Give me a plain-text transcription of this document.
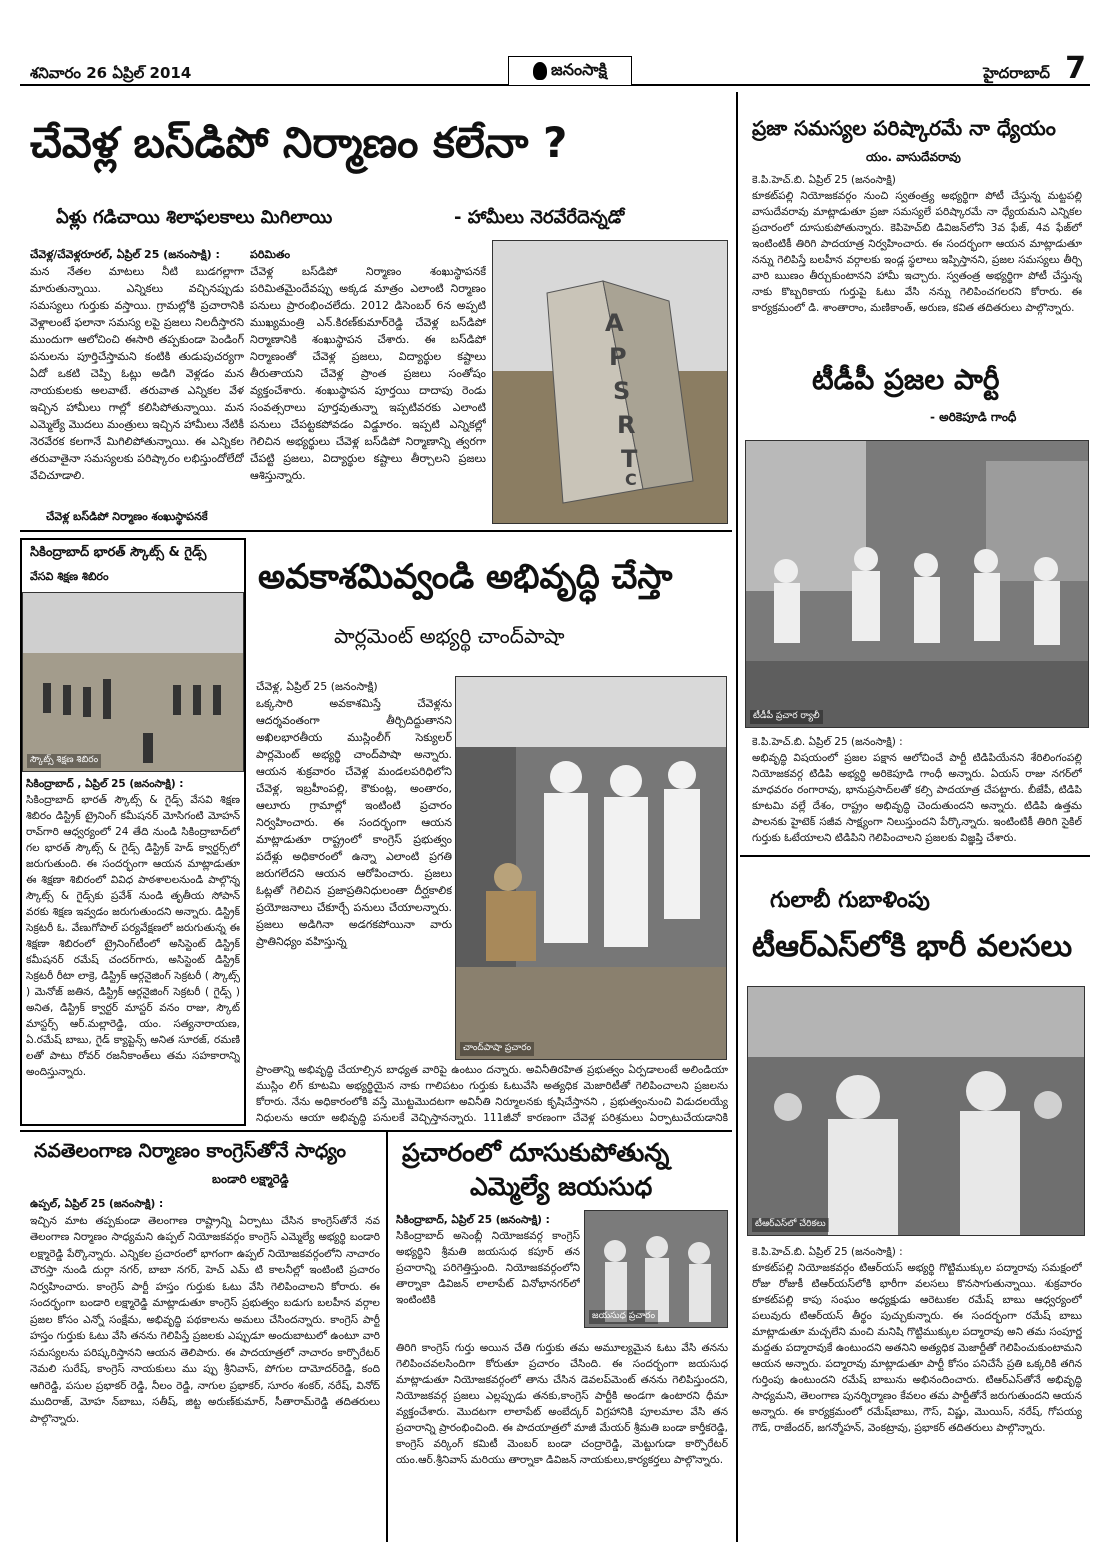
శనివారం 26 ఏప్రిల్ 2014	జనంసాక్షి	హైదరాబాద్ 7
చేవెళ్ల బస్‌డిపో నిర్మాణం కలేనా ?
ఏళ్లు గడిచాయి శిలాఫలకాలు మిగిలాయి	- హామీలు నెరవేరేదెన్నడో

చేవెళ్ల/చేవెళ్లరూరల్, ఏప్రిల్ 25 (జనంసాక్షి) :

మన నేతల మాటలు నీటి బుడగల్లాగా మారుతున్నాయి. ఎన్నికలు వచ్చినప్పుడు సమస్యలు గుర్తుకు వస్తాయి. గ్రామల్లోకి ప్రచారానికి వెళ్లాలంటే ఫలానా సమస్య లపై ప్రజలు నిలదీస్తారని ముందుగా ఆలోచించి ఈసారి తప్పకుండా పెండింగ్ పనులను పూర్తిచేస్తామని కంటికి తుడుపుచర్యగా ఏదో ఒకటి చెప్పి ఓట్లు అడిగి వెళ్లడం మన నాయకులకు అలవాటే. తరువాత ఎన్నికల వేళ ఇచ్చిన హామీలు గాల్లో కలిసిపోతున్నాయి. మన ఎమ్మెల్యే మొదలు మంత్రులు ఇచ్చిన హామీలు నేటికీ నెరవేరక కలగానే మిగిలిపోతున్నాయి. ఈ ఎన్నికల తరువాతైనా సమస్యలకు పరిష్కారం లభిస్తుందోలేదో వేచిచూడాలి.

చేవెళ్ల బస్‌డిపో నిర్మాణం శంఖుస్థాపనకే

పరిమితం

చేవెళ్ల బస్‌డిపో నిర్మాణం శంఖుస్థాపనకే పరిమితమైందేవప్పు అక్కడ మాత్రం ఎలాంటి నిర్మాణం పనులు ప్రారంభించలేదు. 2012 డిసెంబర్ 6న అప్పటి ముఖ్యమంత్రి ఎన్.కిరణ్‌కుమార్‌రెడ్డి చేవెళ్ల బస్‌డిపో నిర్మాణానికి శంఖుస్థాపన చేశారు. ఈ బస్‌డిపో నిర్మాణంతో చేవెళ్ల ప్రజలు, విద్యార్థుల కష్టాలు తీరుతాయని చేవెళ్ల ప్రాంత ప్రజలు సంతోషం వ్యక్తంచేశారు. శంఖుస్థాపన పూర్తయి దాదాపు రెండు సంవత్సరాలు పూర్తవుతున్నా ఇప్పటివరకు ఎలాంటి పనులు చేపట్టకపోవడం విడ్డూరం. ఇప్పటి ఎన్నికల్లో గెలిచిన అభ్యర్థులు చేవెళ్ల బస్‌డిపో నిర్మాణాన్ని త్వరగా చేపట్టి ప్రజలు, విద్యార్థుల కష్టాలు తీర్చాలని ప్రజలు ఆశిస్తున్నారు.

A
P
S
R
T
C
ప్రజా సమస్యల పరిష్కారమే నా ధ్యేయం
యం. వాసుదేవరావు

కె.పి.హెచ్.బి. ఏప్రిల్ 25 (జనంసాక్షి)

కూకట్‌పల్లి నియోజకవర్గం నుంచి స్వతంత్ర్య అభ్యర్థిగా పోటీ చేస్తున్న మట్టపల్లి వాసుదేవరావు మాట్లాడుతూ ప్రజా సమస్యలే పరిష్కారమే నా ధ్యేయమని ఎన్నికల ప్రచారంలో దూసుకుపోతున్నారు. కెపిహెచ్‌బి డివిజన్‌లోని 3వ ఫేజ్, 4వ ఫేజ్‌లో ఇంటింటికీ తిరిగి పాదయాత్ర నిర్వహించారు. ఈ సందర్భంగా ఆయన మాట్లాడుతూ నన్ను గెలిపిస్తే బలహీన వర్గాలకు ఇండ్ల స్థలాలు ఇప్పిస్తానని, ప్రజల సమస్యలు తీర్చి వారి ఋణం తీర్చుకుంటానని హామీ ఇచ్చారు. స్వతంత్ర అభ్యర్థిగా పోటీ చేస్తున్న నాకు కొబ్బరికాయ గుర్తుపై ఓటు వేసి నన్ను గెలిపించగలరని కోరారు. ఈ కార్యక్రమంలో డి. శాంతారాం, మణికాంత్, అరుణ, కవిత తదితరులు పాల్గొన్నారు.

టీడీపీ ప్రజల పార్టీ
- అరికెపూడి గాంధీ
టీడీపీ ప్రచార ర్యాలీ

కె.పి.హెచ్.బి. ఏప్రిల్ 25 (జనంసాక్షి) :

అభివృద్ధి విషయంలో ప్రజల పక్షాన ఆలోచించే పార్టీ టిడిపియేనని శేరిలింగంపల్లి నియోజకవర్గ టిడిపి అభ్యర్థి అరికెపూడి గాంధీ అన్నారు. ఏయస్ రాజు నగర్‌లో మాధవరం రంగారావు, భానుప్రసాద్‌లతో కల్సి పాదయాత్ర చేపట్టారు. బీజేపీ, టిడిపి కూటమి వల్లే దేశం, రాష్ట్రం అభివృద్ధి చెందుతుందని అన్నారు. టిడిపి ఉత్తమ పాలనకు హైటెక్ సజీవ సాక్ష్యంగా నిలుస్తుందని పేర్కొన్నారు. ఇంటింటికీ తిరిగి సైకిల్ గుర్తుకు ఓటేయాలని టిడిపిని గెలిపించాలని ప్రజలకు విజ్ఞప్తి చేశారు.

గులాబీ గుబాళింపు
టీఆర్‌ఎస్‌లోకి భారీ వలసలు
టీఆర్‌ఎస్‌లో చేరికలు

కె.పి.హెచ్.బి. ఏప్రిల్ 25 (జనంసాక్షి) :

కూకట్‌పల్లి నియోజకవర్గం టిఆర్‌యస్ అభ్యర్థి గొట్టిముక్కుల పద్మారావు సమక్షంలో రోజు రోజుకీ టిఆర్‌యస్‌లోకి భారీగా వలసలు కొనసాగుతున్నాయి. శుక్రవారం కూకట్‌పల్లి కాపు సంఘం అధ్యక్షుడు ఆరెటుకల రమేష్ బాబు ఆధ్వర్యంలో పలువురు టిఆర్‌యస్ తీర్థం పుచ్చుకున్నారు. ఈ సందర్భంగా రమేష్ బాబు మాట్లాడుతూ మచ్చలేని మంచి మనిషి గొట్టిముక్కుల పద్మారావు అని తమ సంపూర్ణ మద్దతు పద్మారావుకే ఉంటుందని అతనిని అత్యధిక మెజార్టీతో గెలిపించుకుంటామని ఆయన అన్నారు. పద్మారావు మాట్లాడుతూ పార్టీ కోసం పనిచేసే ప్రతి ఒక్కరికి తగిన గుర్తింపు ఉంటుందని రమేష్ బాబును అభినందించారు. టిఆర్‌ఎస్‌తోనే అభివృద్ధి సాధ్యమని, తెలంగాణ పునర్నిర్మాణం కేవలం తమ పార్టీతోనే జరుగుతుందని ఆయన అన్నారు. ఈ కార్యక్రమంలో రమేష్‌బాబు, గౌస్, విష్ణు, మొయిస్, నరేష్, గోపయ్య గౌడ్, రాజేందర్, జగన్మోహన్, వెంకట్రావు, ప్రభాకర్ తదితరులు పాల్గొన్నారు.

సికింద్రాబాద్ భారత్ స్కౌట్స్ & గైడ్స్
వేసవి శిక్షణ శిబిరం
స్కౌట్స్ శిక్షణ శిబిరం

సికింద్రాబాద్ , ఏప్రిల్ 25 (జనంసాక్షి) :

సికింద్రాబాద్ భారత్ స్కౌట్స్ & గైడ్స్ వేసవి శిక్షణ శిబిరం డిస్ట్రిక్ ట్రైనింగ్ కమీషనర్ మోసిగంటి మోహన్ రావ్‌గారి ఆధ్వర్యంలో 24 తేది నుండి సికింద్రాబాద్‌లో గల భారత్ స్కౌట్స్ & గైడ్స్ డిస్ట్రిక్ హెడ్ క్వార్టర్స్‌లో జరుగుతుంది. ఈ సందర్భంగా ఆయన మాట్లాడుతూ ఈ శిక్షణా శిబిరంలో వివిధ పాఠశాలలనుండి పాల్గొన్న స్కౌట్స్ & గైడ్స్‌కు ప్రవేశ్ నుండి తృతీయ సోపాన్ వరకు శిక్షణ ఇవ్వడం జరుగుతుందని అన్నారు. డిస్ట్రిక్ సెక్రటరీ ఓ. వేణుగోపాల్ పర్యవేక్షణలో జరుగుతున్న ఈ శిక్షణా శిబిరంలో ట్రైనింగ్‌టీంలో అసిస్టెంట్ డిస్ట్రిక్ కమీషనర్ రమేష్ చందర్‌గారు, అసిస్టెంట్ డిస్ట్రిక్ సెక్రటరీ రీటా లాక్రె, డిస్ట్రిక్ ఆర్గనైజింగ్ సెక్రటరీ ( స్కౌట్స్ ) మెనోజ్ జతిన, డిస్ట్రిక్ ఆర్గనైజింగ్ సెక్రటరీ ( గైడ్స్ ) అనిత, డిస్ట్రిక్ క్వార్టర్ మాస్టర్ వనం రాజు, స్కౌట్ మాస్టర్స్ ఆర్.మల్లారెడ్డి, యం. సత్యనారాయణ, ఏ.రమేష్ బాబు, గైడ్ క్యాప్టెన్స్ అనిత సూరజ్, రమణి లతో పాటు రోవర్ రజనీకాంత్‌లు తమ సహకారాన్ని అందిస్తున్నారు.

అవకాశమివ్వండి అభివృద్ధి చేస్తా
పార్లమెంట్ అభ్యర్థి చాంద్‌పాషా

చేవెళ్ల, ఏప్రిల్ 25 (జనంసాక్షి)

ఒక్కసారి అవకాశమిస్తే చేవెళ్లను ఆదర్శవంతంగా తీర్చిదిద్దుతానని అఖిలభారతీయ ముస్లింలీగ్ సెక్యులర్ పార్లమెంట్ అభ్యర్థి చాంద్‌పాషా అన్నారు. ఆయన శుక్రవారం చేవెళ్ల మండలపరిధిలోని చేవెళ్ల, ఇబ్రహీంపల్లి, కౌకుంట్ల, అంతారం, ఆలూరు గ్రామాల్లో ఇంటింటి ప్రచారం నిర్వహించారు. ఈ సందర్భంగా ఆయన మాట్లాడుతూ రాష్ట్రంలో కాంగ్రెస్ ప్రభుత్వం పదేళ్లు అధికారంలో ఉన్నా ఎలాంటి ప్రగతి జరుగలేదని ఆయన ఆరోపించారు. ప్రజలు ఓట్లతో గెలిచిన ప్రజాప్రతినిధులంతా దీర్ఘకాలిక ప్రయోజనాలు చేకూర్చే పనులు చేయాలన్నారు. ప్రజలు అడిగినా అడగకపోయినా వారు ప్రాతినిధ్యం వహిస్తున్న

చాంద్‌పాషా ప్రచారం

ప్రాంతాన్ని అభివృద్ధి చేయాల్సిన బాధ్యత వారిపై ఉంటుం దన్నారు. అవినీతిరహిత ప్రభుత్వం ఏర్పడాలంటే అలిండియా ముస్లిం లిగ్ కూటమి అభ్యర్థియైన నాకు గాలిపటం గుర్తుకు ఓటువేసి అత్యధిక మెజారిటీతో గెలిపించాలని ప్రజలను కోరారు. నేను అధికారంలోకి వస్తే మొట్టమొదటగా అవినీతి నిర్మూలనకు కృషిచేస్తానని , ప్రభుత్వంనుంచి విడుదలయ్యే నిధులను ఆయా అభివృద్ధి పనులకే వెచ్చిస్తానన్నారు. 111జీవో కారణంగా చేవెళ్ల పరిశ్రమలు ఏర్పాటుచేయడానికి

నవతెలంగాణ నిర్మాణం కాంగ్రెస్‌తోనే సాధ్యం
బండారి లక్ష్మారెడ్డి

ఉప్పల్, ఏప్రిల్ 25 (జనంసాక్షి) :

ఇచ్చిన మాట తప్పకుండా తెలంగాణ రాష్ట్రాన్ని ఏర్పాటు చేసిన కాంగ్రెస్‌తోనే నవ తెలంగాణ నిర్మాణం సాధ్యమని ఉప్పల్ నియోజకవర్గం కాంగ్రెస్ ఎమ్మెల్యే అభ్యర్థి బండారి లక్ష్మారెడ్డి పేర్కొన్నారు. ఎన్నికల ప్రచారంలో భాగంగా ఉప్పల్ నియోజకవర్గంలోని నాచారం చౌరస్తా నుండి దుర్గా నగర్, బాబా నగర్, హెచ్ ఎమ్ టి కాలనీల్లో ఇంటింటి ప్రచారం నిర్వహించారు. కాంగ్రెస్ పార్టీ హస్తం గుర్తుకు ఓటు వేసి గెలిపించాలని కోరారు. ఈ సందర్భంగా బండారి లక్ష్మారెడ్డి మాట్లాడుతూ కాంగ్రెస్ ప్రభుత్వం బడుగు బలహీన వర్గాల ప్రజల కోసం ఎన్నో సంక్షేమ, అభివృద్ధి పథకాలను అమలు చేసిందన్నారు. కాంగ్రెస్ పార్టీ హస్తం గుర్తుకు ఓటు వేసి తనను గెలిపిస్తే ప్రజలకు ఎప్పుడూ అందుబాటులో ఉంటూ వారి సమస్యలను పరిష్కరిస్తానని ఆయన తెలిపారు. ఈ పాదయాత్రలో నాచారం కార్పొరేటర్ నెమలి సురేష్, కాంగ్రెస్ నాయకులు ము ప్పు శ్రీనివాస్, పోగుల దామోదర్‌రెడ్డి, కంది ఆగిరెడ్డి, పసుల ప్రభాకర్ రెడ్డి, నీలం రెడ్డి, నాగుల ప్రభాకర్, సూరం శంకర్, నరేష్, వినోద్ ముదిరాజ్, మోహ న్‌బాబు, సతీష్, జిట్ట అరుణ్‌కుమార్, సీతారామ్‌రెడ్డి తదితరులు పాల్గొన్నారు.

ప్రచారంలో దూసుకుపోతున్న
ఎమ్మెల్యే జయసుధ

సికింద్రాబాద్, ఏప్రిల్ 25 (జనంసాక్షి) :

సికింద్రాబాద్ అసెంబ్లీ నియోజకవర్గ కాంగ్రెస్ అభ్యర్థిని శ్రీమతి జయసుధ కపూర్ తన ప్రచారాన్ని పరిగెత్తిస్తుంది. నియోజకవర్గంలోని తార్నాకా డివిజన్ లాలాపేట్ వినోభానగర్‌లో ఇంటింటికి

జయసుధ ప్రచారం

తిరిగి కాంగ్రెస్ గుర్తు అయిన చేతి గుర్తుకు తమ అమూల్యమైన ఓటు వేసి తనను గెలిపించవలసిందిగా కోరుతూ ప్రచారం చేసింది. ఈ సందర్భంగా జయసుధ మాట్లాడుతూ నియోజకవర్గంలో తాను చేసిన డెవలప్‌మెంట్ తనను గెలిపిస్తుందని, నియోజకవర్గ ప్రజలు ఎల్లప్పుడు తనకు,కాంగ్రెస్ పార్టీకి అండగా ఉంటారని ధీమా వ్యక్తంచేశారు. మొదటగా లాలాపేట్ అంబేద్కర్ విగ్రహానికి పూలమాల వేసి తన ప్రచారాన్ని ప్రారంభించింది. ఈ పాదయాత్రలో మాజీ మేయర్ శ్రీమతి బండా కార్తీకరెడ్డి, కాంగ్రెస్ వర్కింగ్ కమిటీ మెంబర్ బండా చంద్రారెడ్డి, మెట్టుగుడా కార్పొరేటర్ యం.ఆర్.శ్రీనివాస్ మరియు తార్నాకా డివిజన్ నాయకులు,కార్యకర్తలు పాల్గొన్నారు.
